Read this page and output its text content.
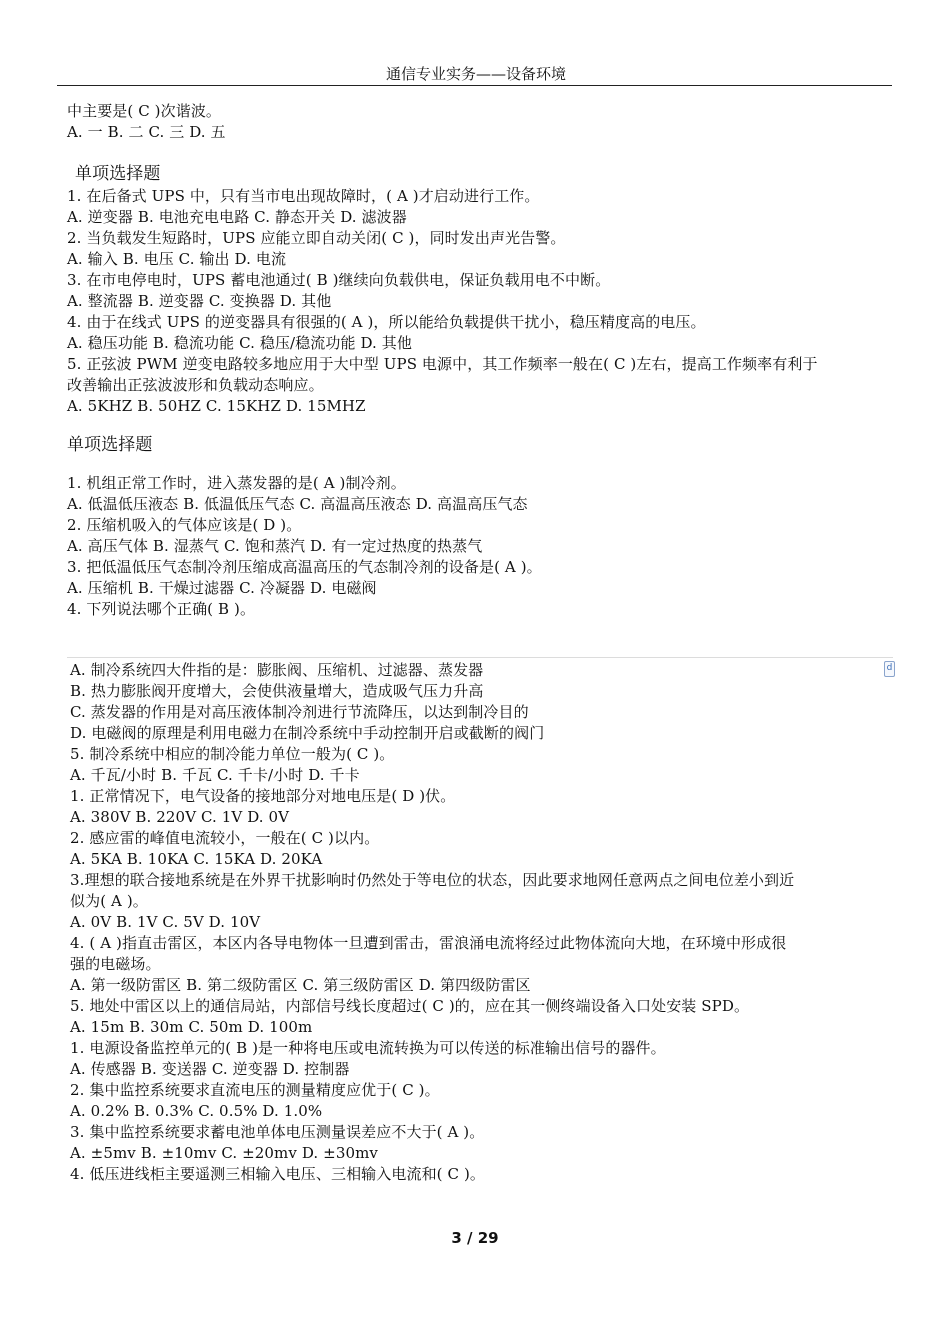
通信专业实务——设备环境
中主要是( C )次谐波。
A. 一 B. 二 C. 三 D. 五
单项选择题
1. 在后备式 UPS 中，只有当市电出现故障时，( A )才启动进行工作。
A. 逆变器 B. 电池充电电路 C. 静态开关 D. 滤波器
2. 当负载发生短路时，UPS 应能立即自动关闭( C )，同时发出声光告警。
A. 输入 B. 电压 C. 输出 D. 电流
3. 在市电停电时，UPS 蓄电池通过( B )继续向负载供电，保证负载用电不中断。
A. 整流器 B. 逆变器 C. 变换器 D. 其他
4. 由于在线式 UPS 的逆变器具有很强的( A )，所以能给负载提供干扰小，稳压精度高的电压。
A. 稳压功能 B. 稳流功能 C. 稳压/稳流功能 D. 其他
5. 正弦波 PWM 逆变电路较多地应用于大中型 UPS 电源中，其工作频率一般在( C )左右，提高工作频率有利于
改善输出正弦波波形和负载动态响应。
A. 5KHZ B. 50HZ C. 15KHZ D. 15MHZ
单项选择题
1. 机组正常工作时，进入蒸发器的是( A )制冷剂。
A. 低温低压液态 B. 低温低压气态 C. 高温高压液态 D. 高温高压气态
2. 压缩机吸入的气体应该是( D )。
A. 高压气体 B. 湿蒸气 C. 饱和蒸汽 D. 有一定过热度的热蒸气
3. 把低温低压气态制冷剂压缩成高温高压的气态制冷剂的设备是( A )。
A. 压缩机 B. 干燥过滤器 C. 冷凝器 D. 电磁阀
4. 下列说法哪个正确( B )。
d
A. 制冷系统四大件指的是：膨胀阀、压缩机、过滤器、蒸发器
B. 热力膨胀阀开度增大，会使供液量增大，造成吸气压力升高
C. 蒸发器的作用是对高压液体制冷剂进行节流降压，以达到制冷目的
D. 电磁阀的原理是利用电磁力在制冷系统中手动控制开启或截断的阀门
5. 制冷系统中相应的制冷能力单位一般为( C )。
A. 千瓦/小时 B. 千瓦 C. 千卡/小时 D. 千卡
1. 正常情况下，电气设备的接地部分对地电压是( D )伏。
A. 380V B. 220V C. 1V D. 0V
2. 感应雷的峰值电流较小，一般在( C )以内。
A. 5KA B. 10KA C. 15KA D. 20KA
3.理想的联合接地系统是在外界干扰影响时仍然处于等电位的状态，因此要求地网任意两点之间电位差小到近
似为( A )。
A. 0V B. 1V C. 5V D. 10V
4. ( A )指直击雷区，本区内各导电物体一旦遭到雷击，雷浪涌电流将经过此物体流向大地，在环境中形成很
强的电磁场。
A. 第一级防雷区 B. 第二级防雷区 C. 第三级防雷区 D. 第四级防雷区
5. 地处中雷区以上的通信局站，内部信号线长度超过( C )的，应在其一侧终端设备入口处安装 SPD。
A. 15m B. 30m C. 50m D. 100m
1. 电源设备监控单元的( B )是一种将电压或电流转换为可以传送的标准输出信号的器件。
A. 传感器 B. 变送器 C. 逆变器 D. 控制器
2. 集中监控系统要求直流电压的测量精度应优于( C )。
A. 0.2% B. 0.3% C. 0.5% D. 1.0%
3. 集中监控系统要求蓄电池单体电压测量误差应不大于( A )。
A. ±5mv B. ±10mv C. ±20mv D. ±30mv
4. 低压进线柜主要遥测三相输入电压、三相输入电流和( C )。
3 / 29
